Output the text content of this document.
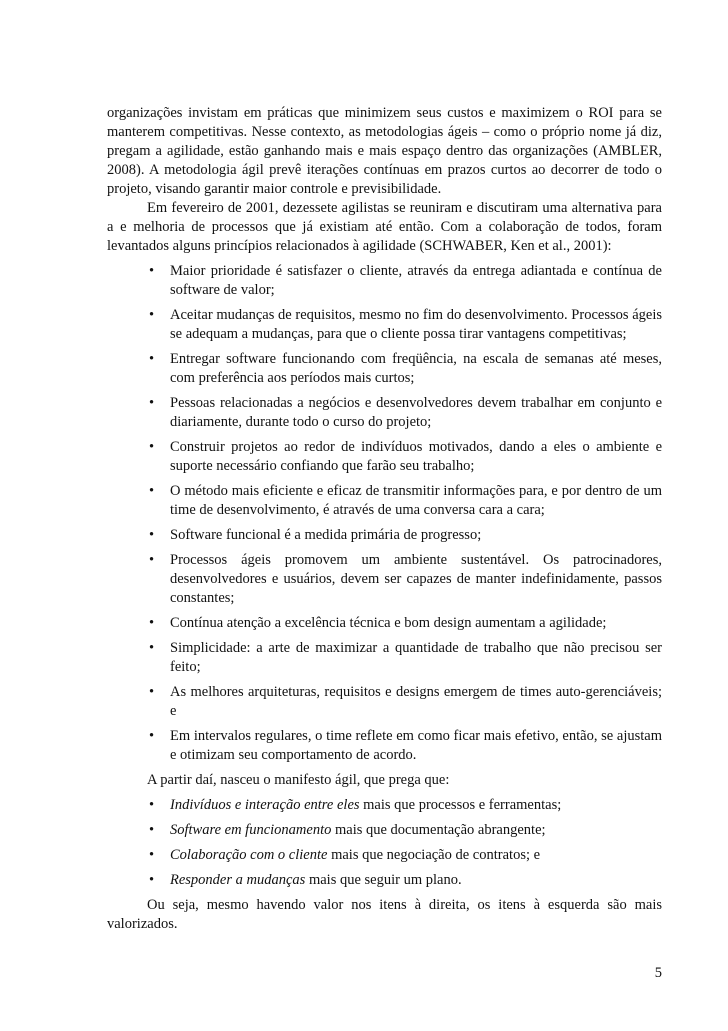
organizações invistam em práticas que minimizem seus custos e maximizem o ROI para se manterem competitivas. Nesse contexto, as metodologias ágeis – como o próprio nome já diz, pregam a agilidade, estão ganhando mais e mais espaço dentro das organizações (AMBLER, 2008). A metodologia ágil prevê iterações contínuas em prazos curtos ao decorrer de todo o projeto, visando garantir maior controle e previsibilidade.

Em fevereiro de 2001, dezessete agilistas se reuniram e discutiram uma alternativa para a e melhoria de processos que já existiam até então. Com a colaboração de todos, foram levantados alguns princípios relacionados à agilidade (SCHWABER, Ken et al., 2001):

• Maior prioridade é satisfazer o cliente, através da entrega adiantada e contínua de software de valor;
• Aceitar mudanças de requisitos, mesmo no fim do desenvolvimento. Processos ágeis se adequam a mudanças, para que o cliente possa tirar vantagens competitivas;
• Entregar software funcionando com freqüência, na escala de semanas até meses, com preferência aos períodos mais curtos;
• Pessoas relacionadas a negócios e desenvolvedores devem trabalhar em conjunto e diariamente, durante todo o curso do projeto;
• Construir projetos ao redor de indivíduos motivados, dando a eles o ambiente e suporte necessário confiando que farão seu trabalho;
• O método mais eficiente e eficaz de transmitir informações para, e por dentro de um time de desenvolvimento, é através de uma conversa cara a cara;
• Software funcional é a medida primária de progresso;
• Processos ágeis promovem um ambiente sustentável. Os patrocinadores, desenvolvedores e usuários, devem ser capazes de manter indefinidamente, passos constantes;
• Contínua atenção a excelência técnica e bom design aumentam a agilidade;
• Simplicidade: a arte de maximizar a quantidade de trabalho que não precisou ser feito;
• As melhores arquiteturas, requisitos e designs emergem de times auto-gerenciáveis; e
• Em intervalos regulares, o time reflete em como ficar mais efetivo, então, se ajustam e otimizam seu comportamento de acordo.

A partir daí, nasceu o manifesto ágil, que prega que:

• Indivíduos e interação entre eles mais que processos e ferramentas;
• Software em funcionamento mais que documentação abrangente;
• Colaboração com o cliente mais que negociação de contratos; e
• Responder a mudanças mais que seguir um plano.

Ou seja, mesmo havendo valor nos itens à direita, os itens à esquerda são mais valorizados.

5
